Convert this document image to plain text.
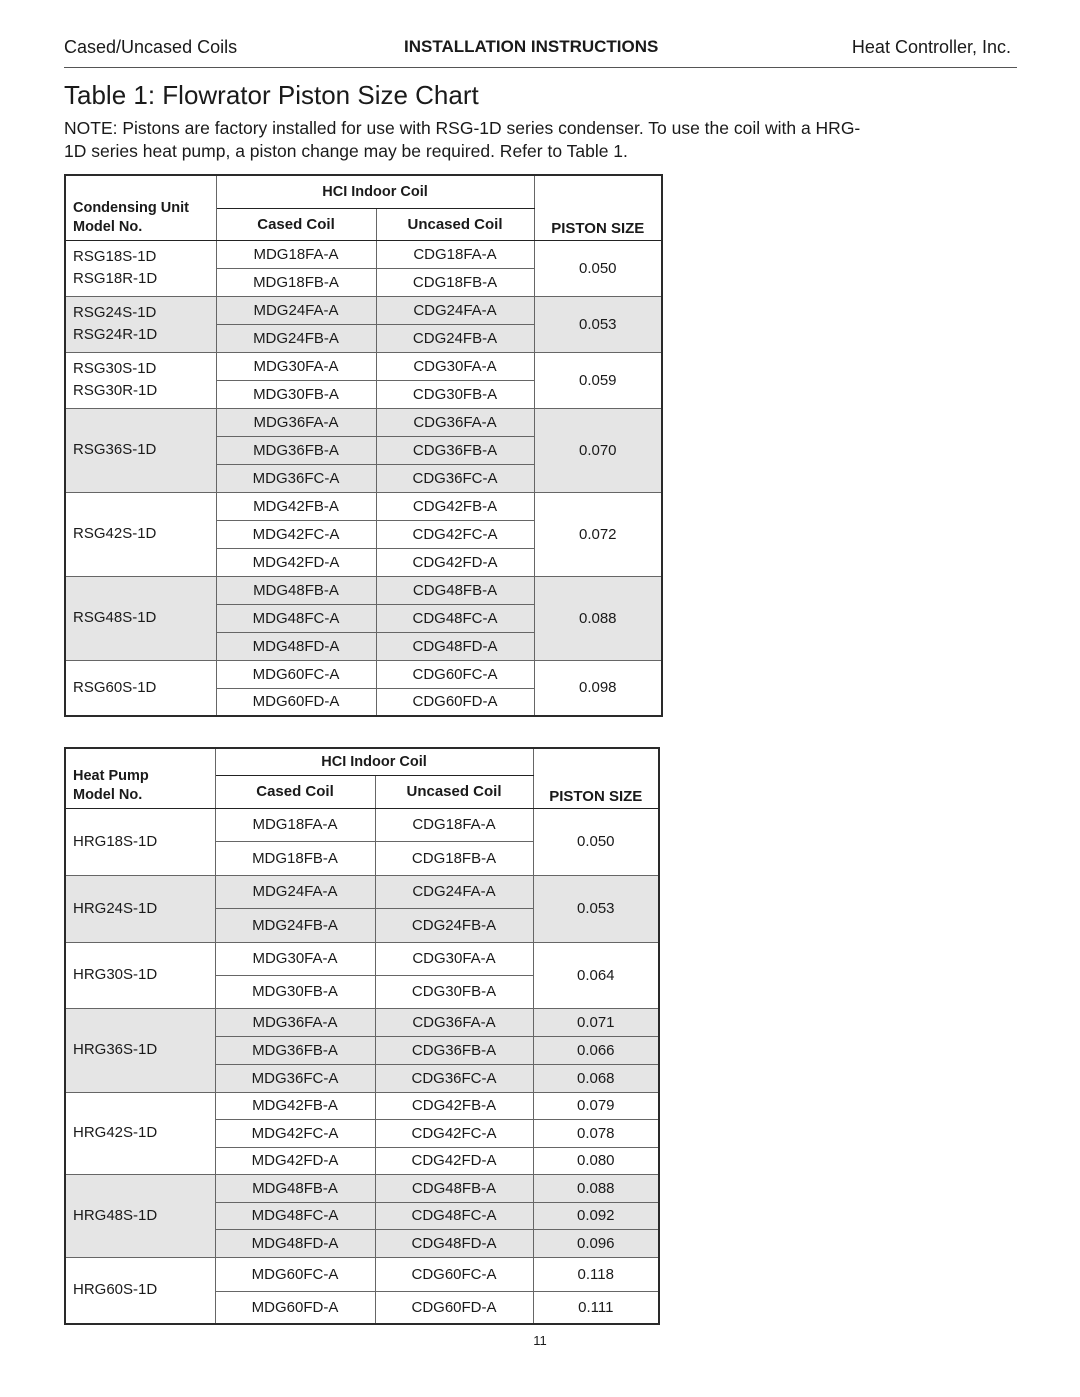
Cased/Uncased Coils	INSTALLATION INSTRUCTIONS	Heat Controller, Inc.
Table 1: Flowrator Piston Size Chart
NOTE: Pistons are factory installed for use with RSG-1D series condenser. To use the coil with a HRG-1D series heat pump, a piston change may be required. Refer to Table 1.
Condensing Unit
Model No.	HCI Indoor Coil		PISTON SIZE
	Cased Coil	Uncased Coil	

RSG18S-1D
RSG18R-1D	MDG18FA-A	CDG18FA-A	0.050
	MDG18FB-A	CDG18FB-A	

RSG24S-1D
RSG24R-1D	MDG24FA-A	CDG24FA-A	0.053
	MDG24FB-A	CDG24FB-A	

RSG30S-1D
RSG30R-1D	MDG30FA-A	CDG30FA-A	0.059
	MDG30FB-A	CDG30FB-A	

RSG36S-1D	MDG36FA-A	CDG36FA-A	0.070
	MDG36FB-A	CDG36FB-A	
	MDG36FC-A	CDG36FC-A	

RSG42S-1D	MDG42FB-A	CDG42FB-A	0.072
	MDG42FC-A	CDG42FC-A	
	MDG42FD-A	CDG42FD-A	

RSG48S-1D	MDG48FB-A	CDG48FB-A	0.088
	MDG48FC-A	CDG48FC-A	
	MDG48FD-A	CDG48FD-A	

RSG60S-1D	MDG60FC-A	CDG60FC-A	0.098
	MDG60FD-A	CDG60FD-A	
Heat Pump
Model No.	HCI Indoor Coil		PISTON SIZE
	Cased Coil	Uncased Coil	

HRG18S-1D	MDG18FA-A	CDG18FA-A	0.050
	MDG18FB-A	CDG18FB-A	

HRG24S-1D	MDG24FA-A	CDG24FA-A	0.053
	MDG24FB-A	CDG24FB-A	

HRG30S-1D	MDG30FA-A	CDG30FA-A	0.064
	MDG30FB-A	CDG30FB-A	

HRG36S-1D	MDG36FA-A	CDG36FA-A	0.071
	MDG36FB-A	CDG36FB-A	0.066
	MDG36FC-A	CDG36FC-A	0.068

HRG42S-1D	MDG42FB-A	CDG42FB-A	0.079
	MDG42FC-A	CDG42FC-A	0.078
	MDG42FD-A	CDG42FD-A	0.080

HRG48S-1D	MDG48FB-A	CDG48FB-A	0.088
	MDG48FC-A	CDG48FC-A	0.092
	MDG48FD-A	CDG48FD-A	0.096

HRG60S-1D	MDG60FC-A	CDG60FC-A	0.118
	MDG60FD-A	CDG60FD-A	0.111
11
